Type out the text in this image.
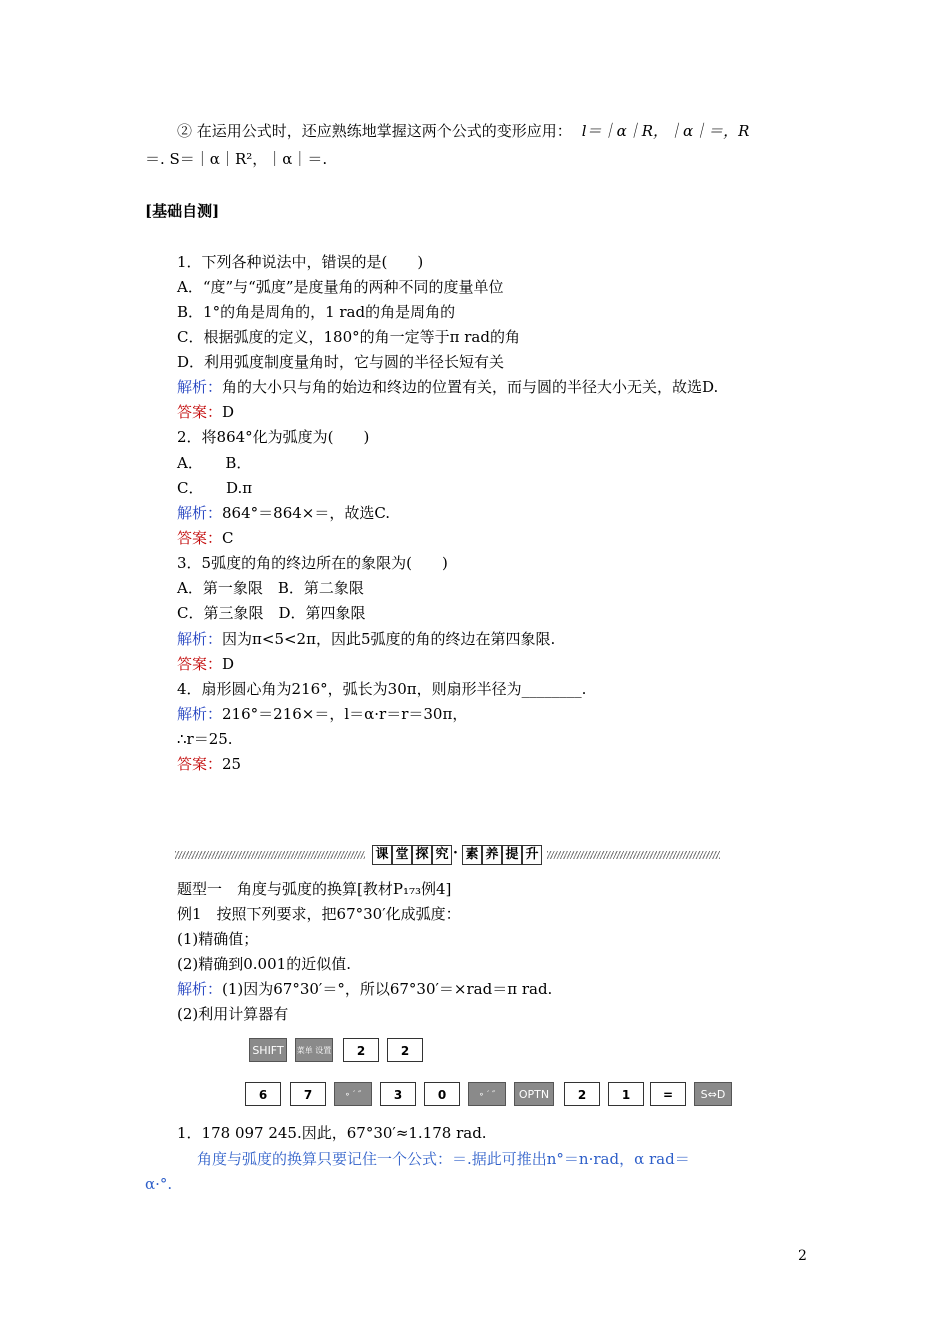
② 在运用公式时，还应熟练地掌握这两个公式的变形应用： l＝｜α｜R，｜α｜＝，R
＝. S＝｜α｜R²，｜α｜＝.
[基础自测]
1．下列各种说法中，错误的是(　　)
A．“度”与“弧度”是度量角的两种不同的度量单位
B．1°的角是周角的，1 rad的角是周角的
C．根据弧度的定义，180°的角一定等于π rad的角
D．利用弧度制度量角时，它与圆的半径长短有关
解析：角的大小只与角的始边和终边的位置有关，而与圆的半径大小无关，故选D.
答案：D
2．将864°化为弧度为(　　)
A．　　B．
C．　　D.π
解析：864°＝864×＝，故选C.
答案：C
3．5弧度的角的终边所在的象限为(　　)
A．第一象限　B．第二象限
C．第三象限　D．第四象限
解析：因为π<5<2π，因此5弧度的角的终边在第四象限.
答案：D
4．扇形圆心角为216°，弧长为30π，则扇形半径为________.
解析：216°＝216×＝，l＝α·r＝r＝30π，
∴r＝25.
答案：25
课 堂 探 究 · 素 养 提 升
题型一　角度与弧度的换算[教材P₁₇₃例4]
例1　按照下列要求，把67°30′化成弧度：
(1)精确值；
(2)精确到0.001的近似值.
解析：(1)因为67°30′＝°，所以67°30′＝×rad＝π rad.
(2)利用计算器有
SHIFT	菜单 设置	2	2
6	7	∘ ′ ″	3	0	∘ ′ ″	OPTN	2	1	=	S⇔D
1．178 097 245.因此，67°30′≈1.178 rad.
角度与弧度的换算只要记住一个公式：＝.据此可推出n°＝n·rad，α rad＝
α·°.
2
